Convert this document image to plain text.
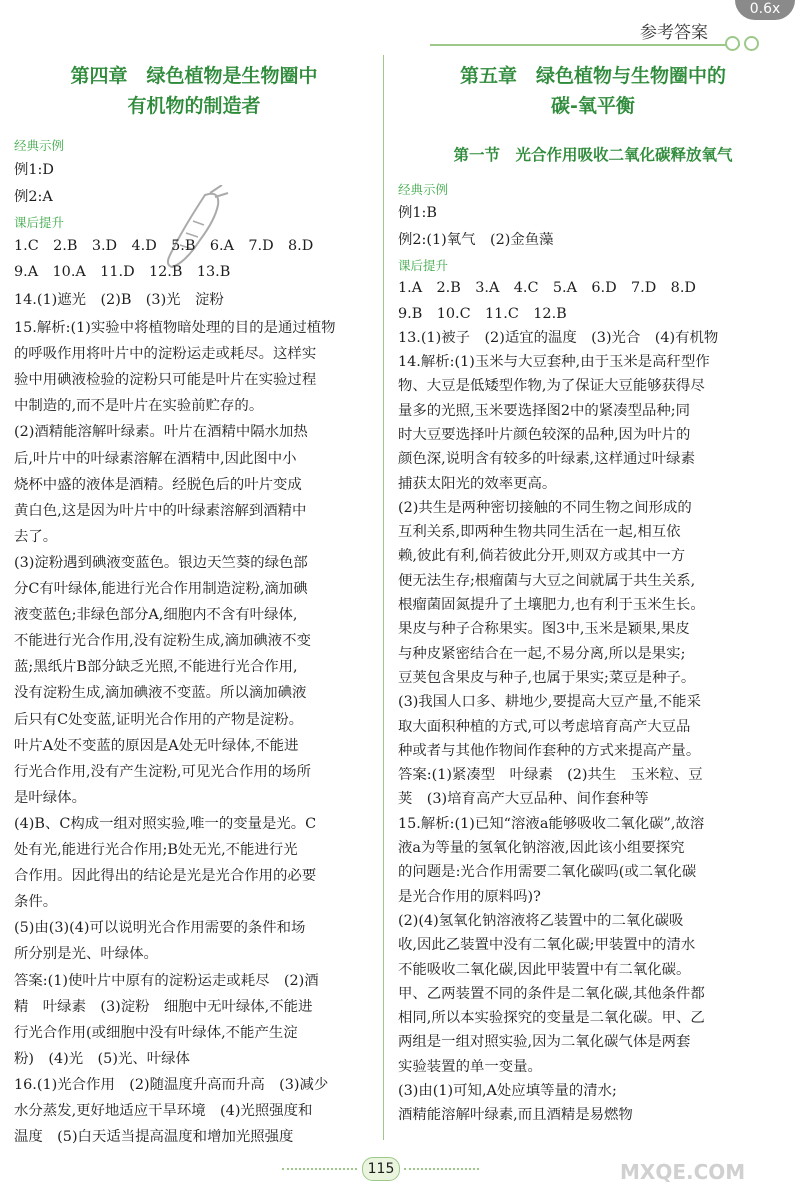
0.6x
参考答案
第四章　绿色植物是生物圈中
有机物的制造者
经典示例
课后提升
例1:D
例2:A
1.C　2.B　3.D　4.D　5.B　6.A　7.D　8.D
9.A　10.A　11.D　12.B　13.B
14.(1)遮光　(2)B　(3)光　淀粉
15.解析:(1)实验中将植物暗处理的目的是通过植物
的呼吸作用将叶片中的淀粉运走或耗尽。这样实
验中用碘液检验的淀粉只可能是叶片在实验过程
中制造的,而不是叶片在实验前贮存的。
(2)酒精能溶解叶绿素。叶片在酒精中隔水加热
后,叶片中的叶绿素溶解在酒精中,因此图中小
烧杯中盛的液体是酒精。经脱色后的叶片变成
黄白色,这是因为叶片中的叶绿素溶解到酒精中
去了。
(3)淀粉遇到碘液变蓝色。银边天竺葵的绿色部
分C有叶绿体,能进行光合作用制造淀粉,滴加碘
液变蓝色;非绿色部分A,细胞内不含有叶绿体,
不能进行光合作用,没有淀粉生成,滴加碘液不变
蓝;黑纸片B部分缺乏光照,不能进行光合作用,
没有淀粉生成,滴加碘液不变蓝。所以滴加碘液
后只有C处变蓝,证明光合作用的产物是淀粉。
叶片A处不变蓝的原因是A处无叶绿体,不能进
行光合作用,没有产生淀粉,可见光合作用的场所
是叶绿体。
(4)B、C构成一组对照实验,唯一的变量是光。C
处有光,能进行光合作用;B处无光,不能进行光
合作用。因此得出的结论是光是光合作用的必要
条件。
(5)由(3)(4)可以说明光合作用需要的条件和场
所分别是光、叶绿体。
答案:(1)使叶片中原有的淀粉运走或耗尽　(2)酒
精　叶绿素　(3)淀粉　细胞中无叶绿体,不能进
行光合作用(或细胞中没有叶绿体,不能产生淀
粉)　(4)光　(5)光、叶绿体
16.(1)光合作用　(2)随温度升高而升高　(3)减少
水分蒸发,更好地适应干旱环境　(4)光照强度和
温度　(5)白天适当提高温度和增加光照强度
第五章　绿色植物与生物圈中的
碳-氧平衡
第一节　光合作用吸收二氧化碳释放氧气
经典示例
课后提升
例1:B
例2:(1)氧气　(2)金鱼藻
1.A　2.B　3.A　4.C　5.A　6.D　7.D　8.D
9.B　10.C　11.C　12.B
13.(1)被子　(2)适宜的温度　(3)光合　(4)有机物
14.解析:(1)玉米与大豆套种,由于玉米是高秆型作
物、大豆是低矮型作物,为了保证大豆能够获得尽
量多的光照,玉米要选择图2中的紧凑型品种;同
时大豆要选择叶片颜色较深的品种,因为叶片的
颜色深,说明含有较多的叶绿素,这样通过叶绿素
捕获太阳光的效率更高。
(2)共生是两种密切接触的不同生物之间形成的
互利关系,即两种生物共同生活在一起,相互依
赖,彼此有利,倘若彼此分开,则双方或其中一方
便无法生存;根瘤菌与大豆之间就属于共生关系,
根瘤菌固氮提升了土壤肥力,也有利于玉米生长。
果皮与种子合称果实。图3中,玉米是颖果,果皮
与种皮紧密结合在一起,不易分离,所以是果实;
豆荚包含果皮与种子,也属于果实;菜豆是种子。
(3)我国人口多、耕地少,要提高大豆产量,不能采
取大面积种植的方式,可以考虑培育高产大豆品
种或者与其他作物间作套种的方式来提高产量。
答案:(1)紧凑型　叶绿素　(2)共生　玉米粒、豆
荚　(3)培育高产大豆品种、间作套种等
15.解析:(1)已知“溶液a能够吸收二氧化碳”,故溶
液a为等量的氢氧化钠溶液,因此该小组要探究
的问题是:光合作用需要二氧化碳吗(或二氧化碳
是光合作用的原料吗)?
(2)(4)氢氧化钠溶液将乙装置中的二氧化碳吸
收,因此乙装置中没有二氧化碳;甲装置中的清水
不能吸收二氧化碳,因此甲装置中有二氧化碳。
甲、乙两装置不同的条件是二氧化碳,其他条件都
相同,所以本实验探究的变量是二氧化碳。甲、乙
两组是一组对照实验,因为二氧化碳气体是两套
实验装置的单一变量。
(3)由(1)可知,A处应填等量的清水;
酒精能溶解叶绿素,而且酒精是易燃物
115	MXQE.COM
